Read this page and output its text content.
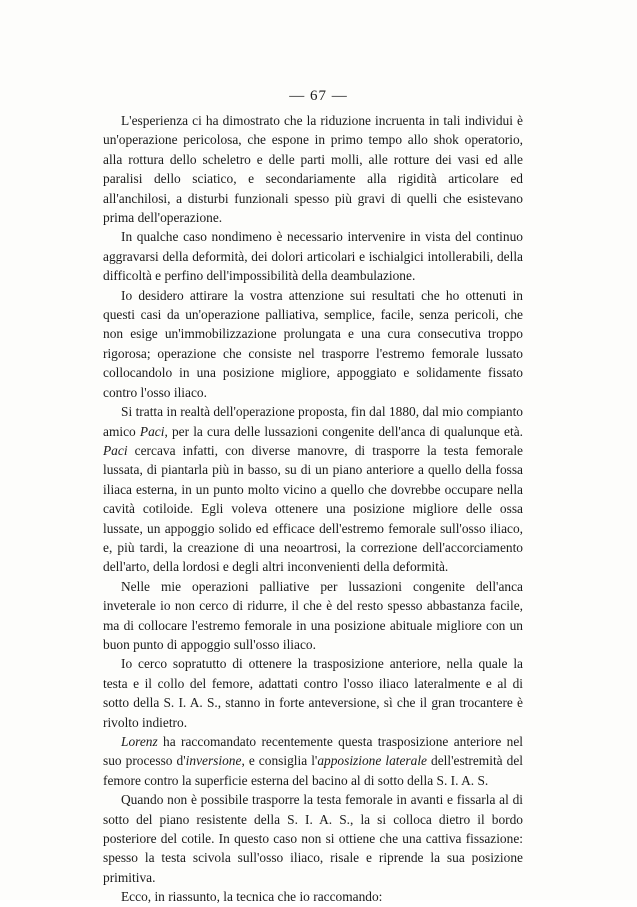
— 67 —

L'esperienza ci ha dimostrato che la riduzione incruenta in tali individui è un'operazione pericolosa, che espone in primo tempo allo shok operatorio, alla rottura dello scheletro e delle parti molli, alle rotture dei vasi ed alle paralisi dello sciatico, e secondariamente alla rigidità articolare ed all'anchilosi, a disturbi funzionali spesso più gravi di quelli che esistevano prima dell'operazione.

In qualche caso nondimeno è necessario intervenire in vista del continuo aggravarsi della deformità, dei dolori articolari e ischialgici intollerabili, della difficoltà e perfino dell'impossibilità della deambulazione.

Io desidero attirare la vostra attenzione sui resultati che ho ottenuti in questi casi da un'operazione palliativa, semplice, facile, senza pericoli, che non esige un'immobilizzazione prolungata e una cura consecutiva troppo rigorosa; operazione che consiste nel trasporre l'estremo femorale lussato collocandolo in una posizione migliore, appoggiato e solidamente fissato contro l'osso iliaco.

Si tratta in realtà dell'operazione proposta, fin dal 1880, dal mio compianto amico Paci, per la cura delle lussazioni congenite dell'anca di qualunque età. Paci cercava infatti, con diverse manovre, di trasporre la testa femorale lussata, di piantarla più in basso, su di un piano anteriore a quello della fossa iliaca esterna, in un punto molto vicino a quello che dovrebbe occupare nella cavità cotiloide. Egli voleva ottenere una posizione migliore delle ossa lussate, un appoggio solido ed efficace dell'estremo femorale sull'osso iliaco, e, più tardi, la creazione di una neoartrosi, la correzione dell'accorciamento dell'arto, della lordosi e degli altri inconvenienti della deformità.

Nelle mie operazioni palliative per lussazioni congenite dell'anca inveterale io non cerco di ridurre, il che è del resto spesso abbastanza facile, ma di collocare l'estremo femorale in una posizione abituale migliore con un buon punto di appoggio sull'osso iliaco.

Io cerco sopratutto di ottenere la trasposizione anteriore, nella quale la testa e il collo del femore, adattati contro l'osso iliaco lateralmente e al di sotto della S. I. A. S., stanno in forte anteversione, sì che il gran trocantere è rivolto indietro.

Lorenz ha raccomandato recentemente questa trasposizione anteriore nel suo processo d'inversione, e consiglia l'apposizione laterale dell'estremità del femore contro la superficie esterna del bacino al di sotto della S. I. A. S.

Quando non è possibile trasporre la testa femorale in avanti e fissarla al di sotto del piano resistente della S. I. A. S., la si colloca dietro il bordo posteriore del cotile. In questo caso non si ottiene che una cattiva fissazione: spesso la testa scivola sull'osso iliaco, risale e riprende la sua posizione primitiva.

Ecco, in riassunto, la tecnica che io raccomando:
